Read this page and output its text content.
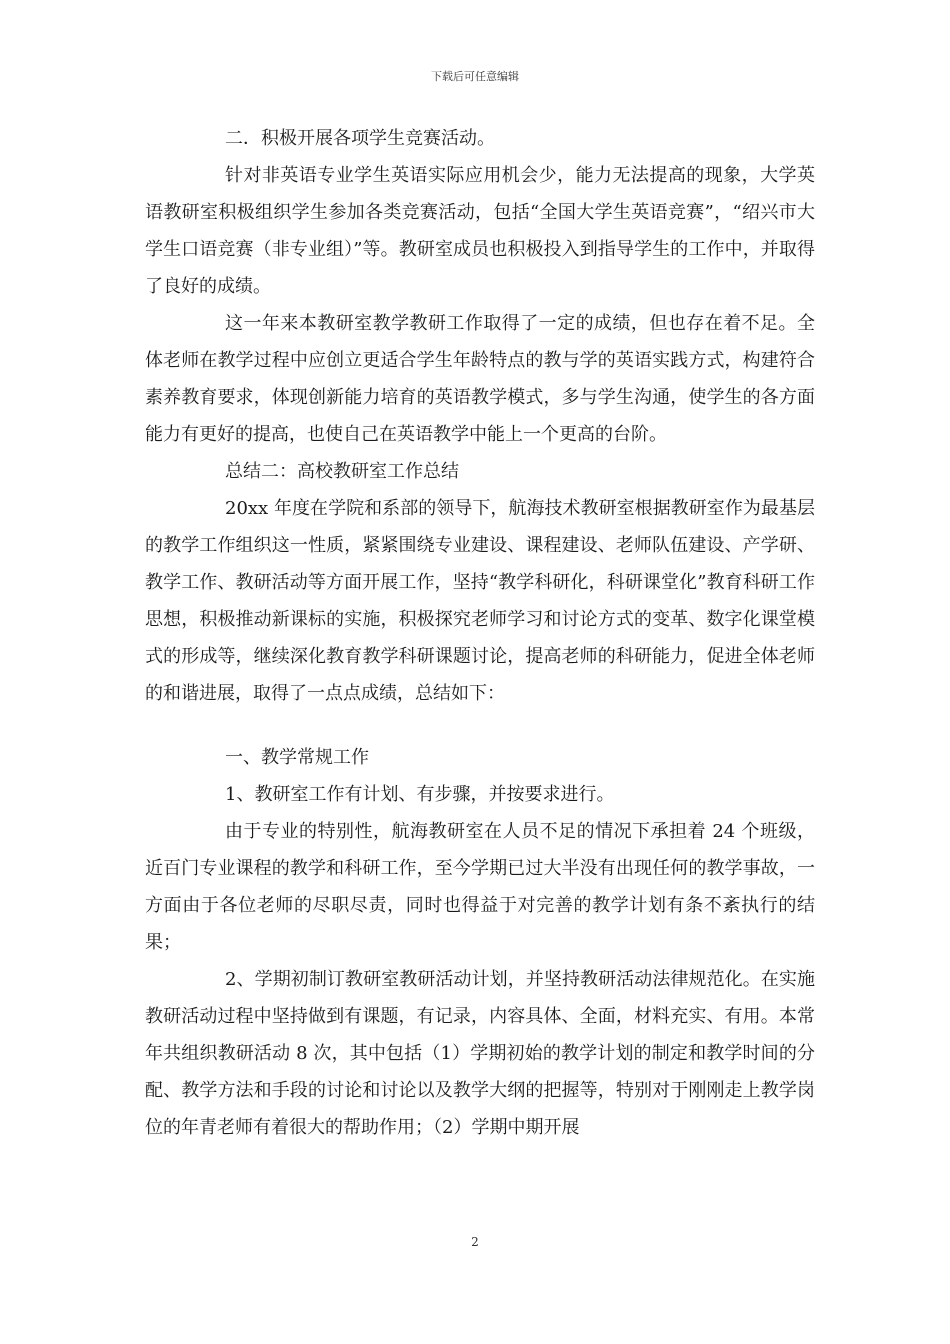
下载后可任意编辑

二．积极开展各项学生竞赛活动。

针对非英语专业学生英语实际应用机会少，能力无法提高的现象，大学英语教研室积极组织学生参加各类竞赛活动，包括“全国大学生英语竞赛”，“绍兴市大学生口语竞赛（非专业组）”等。教研室成员也积极投入到指导学生的工作中，并取得了良好的成绩。

这一年来本教研室教学教研工作取得了一定的成绩，但也存在着不足。全体老师在教学过程中应创立更适合学生年龄特点的教与学的英语实践方式，构建符合素养教育要求，体现创新能力培育的英语教学模式，多与学生沟通，使学生的各方面能力有更好的提高，也使自己在英语教学中能上一个更高的台阶。

总结二：高校教研室工作总结

20xx 年度在学院和系部的领导下，航海技术教研室根据教研室作为最基层的教学工作组织这一性质，紧紧围绕专业建设、课程建设、老师队伍建设、产学研、教学工作、教研活动等方面开展工作，坚持“教学科研化，科研课堂化”教育科研工作思想，积极推动新课标的实施，积极探究老师学习和讨论方式的变革、数字化课堂模式的形成等，继续深化教育教学科研课题讨论，提高老师的科研能力，促进全体老师的和谐进展，取得了一点点成绩，总结如下：

一、教学常规工作

1、教研室工作有计划、有步骤，并按要求进行。

由于专业的特别性，航海教研室在人员不足的情况下承担着 24 个班级，近百门专业课程的教学和科研工作，至今学期已过大半没有出现任何的教学事故，一方面由于各位老师的尽职尽责，同时也得益于对完善的教学计划有条不紊执行的结果；

2、学期初制订教研室教研活动计划，并坚持教研活动法律规范化。在实施教研活动过程中坚持做到有课题，有记录，内容具体、全面，材料充实、有用。本常年共组织教研活动 8 次，其中包括（1）学期初始的教学计划的制定和教学时间的分配、教学方法和手段的讨论和讨论以及教学大纲的把握等，特别对于刚刚走上教学岗位的年青老师有着很大的帮助作用；（2）学期中期开展

2
